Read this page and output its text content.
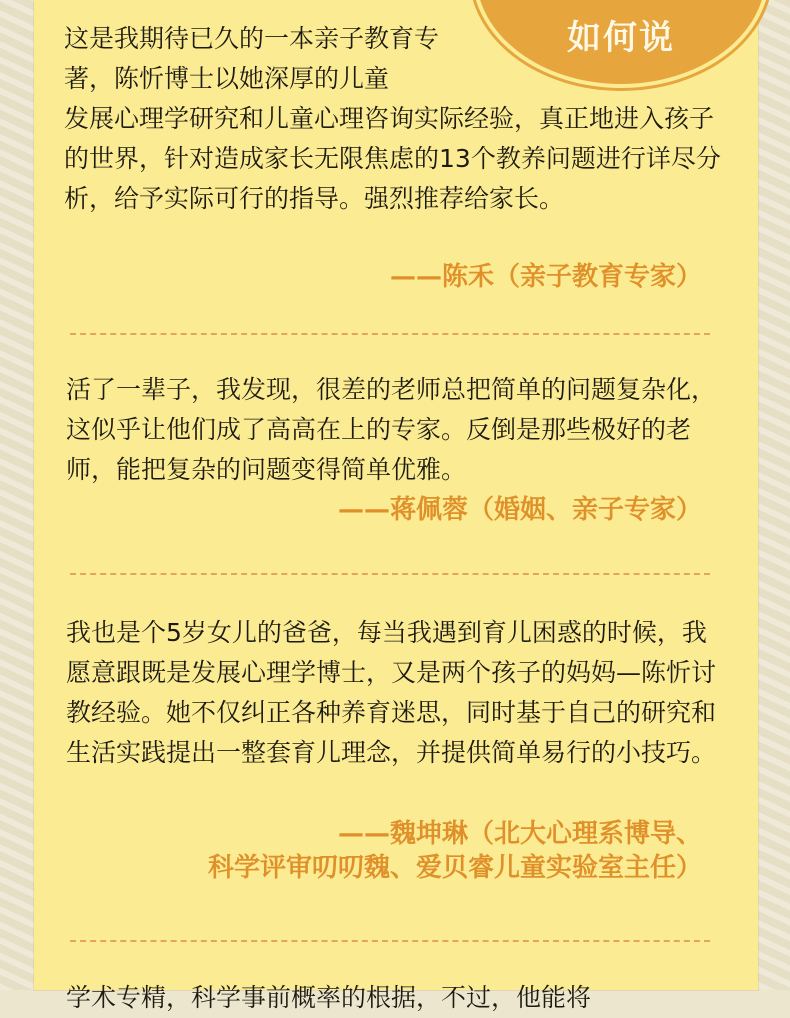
如何说
这是我期待已久的一本亲子教育专著，陈忻博士以她深厚的儿童
发展心理学研究和儿童心理咨询实际经验，真正地进入孩子的世界，针对造成家长无限焦虑的13个教养问题进行详尽分析，给予实际可行的指导。强烈推荐给家长。
——陈禾（亲子教育专家）
活了一辈子，我发现，很差的老师总把简单的问题复杂化，这似乎让他们成了高高在上的专家。反倒是那些极好的老师，能把复杂的问题变得简单优雅。
——蒋佩蓉（婚姻、亲子专家）
我也是个5岁女儿的爸爸，每当我遇到育儿困惑的时候，我愿意跟既是发展心理学博士，又是两个孩子的妈妈—陈忻讨教经验。她不仅纠正各种养育迷思，同时基于自己的研究和生活实践提出一整套育儿理念，并提供简单易行的小技巧。
——魏坤琳（北大心理系博导、
科学评审叨叨魏、爱贝睿儿童实验室主任）
学术专精，科学事前概率的根据，不过，他能将
